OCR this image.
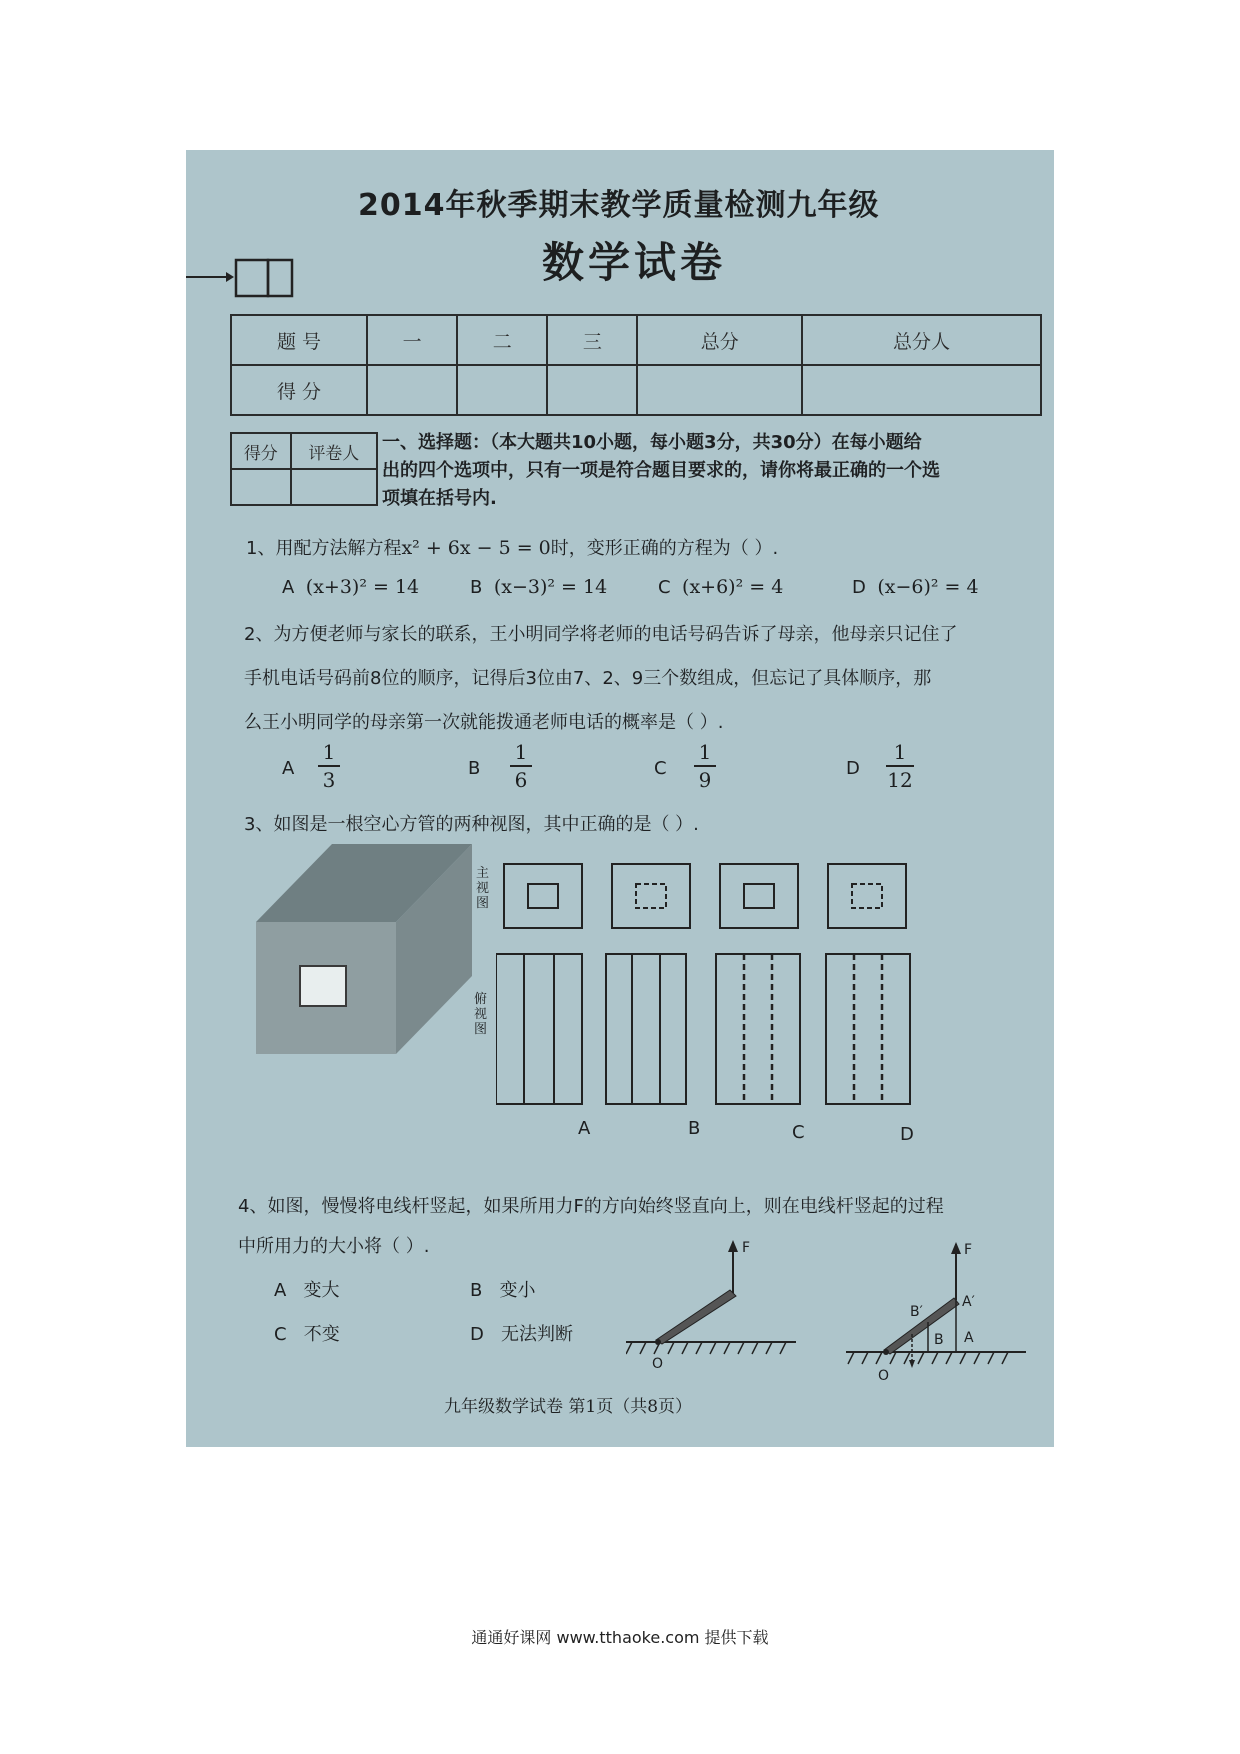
2014年秋季期末教学质量检测九年级
数学试卷
题 号	一	二	三	总分	总分人
得 分					
得分	评卷人

一、选择题：（本大题共10小题，每小题3分，共30分）在每小题给
出的四个选项中，只有一项是符合题目要求的，请你将最正确的一个选
项填在括号内.
1、用配方法解方程x² + 6x − 5 = 0时，变形正确的方程为（ ）.
A (x+3)² = 14	B (x−3)² = 14	C (x+6)² = 4	D (x−6)² = 4
2、为方便老师与家长的联系，王小明同学将老师的电话号码告诉了母亲，他母亲只记住了
手机电话号码前8位的顺序，记得后3位由7、2、9三个数组成，但忘记了具体顺序，那
么王小明同学的母亲第一次就能拨通老师电话的概率是（ ）.
A
1
3	B
1
6	C
1
9	D
1
12
3、如图是一根空心方管的两种视图，其中正确的是（ ）.
主视图
俯视图
A	B	C	D
4、如图，慢慢将电线杆竖起，如果所用力F的方向始终竖直向上，则在电线杆竖起的过程
中所用力的大小将（ ）.
A 变大	B 变小
C 不变	D 无法判断
F
O
F
A′
B′
B A
O
九年级数学试卷 第1页（共8页）
通通好课网 www.tthaoke.com 提供下载
